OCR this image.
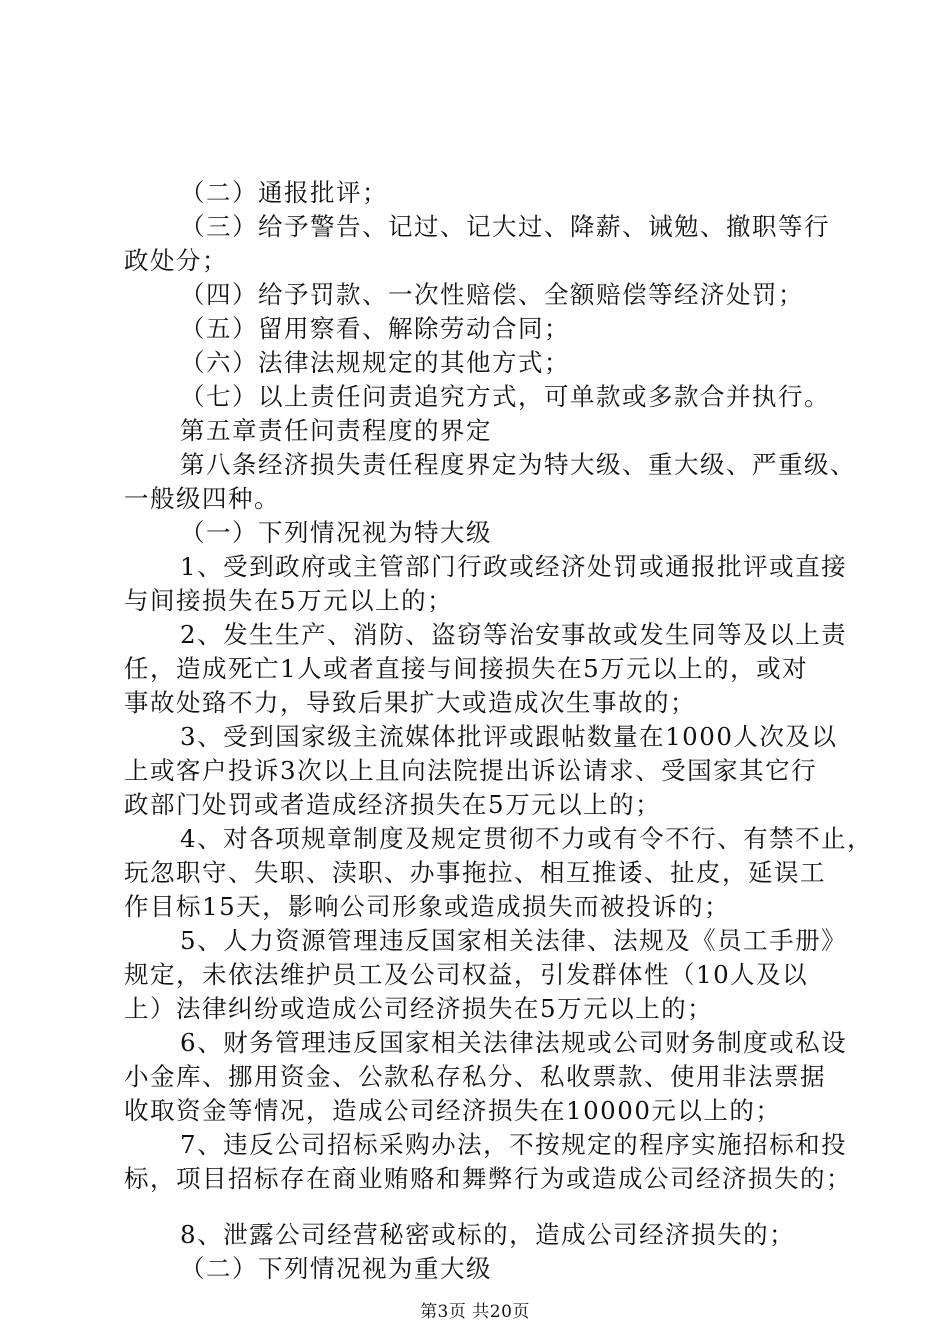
（二）通报批评；
（三）给予警告、记过、记大过、降薪、诫勉、撤职等行
政处分；
（四）给予罚款、一次性赔偿、全额赔偿等经济处罚；
（五）留用察看、解除劳动合同；
（六）法律法规规定的其他方式；
（七）以上责任问责追究方式，可单款或多款合并执行。
第五章责任问责程度的界定
第八条经济损失责任程度界定为特大级、重大级、严重级、
一般级四种。
（一）下列情况视为特大级
1、受到政府或主管部门行政或经济处罚或通报批评或直接
与间接损失在5万元以上的；
2、发生生产、消防、盗窃等治安事故或发生同等及以上责
任，造成死亡1人或者直接与间接损失在5万元以上的，或对
事故处臵不力，导致后果扩大或造成次生事故的；
3、受到国家级主流媒体批评或跟帖数量在1000人次及以
上或客户投诉3次以上且向法院提出诉讼请求、受国家其它行
政部门处罚或者造成经济损失在5万元以上的；
4、对各项规章制度及规定贯彻不力或有令不行、有禁不止，
玩忽职守、失职、渎职、办事拖拉、相互推诿、扯皮，延误工
作目标15天，影响公司形象或造成损失而被投诉的；
5、人力资源管理违反国家相关法律、法规及《员工手册》
规定，未依法维护员工及公司权益，引发群体性（10人及以
上）法律纠纷或造成公司经济损失在5万元以上的；
6、财务管理违反国家相关法律法规或公司财务制度或私设
小金库、挪用资金、公款私存私分、私收票款、使用非法票据
收取资金等情况，造成公司经济损失在10000元以上的；
7、违反公司招标采购办法，不按规定的程序实施招标和投
标，项目招标存在商业贿赂和舞弊行为或造成公司经济损失的；
8、泄露公司经营秘密或标的，造成公司经济损失的；
（二）下列情况视为重大级
第3页 共20页
